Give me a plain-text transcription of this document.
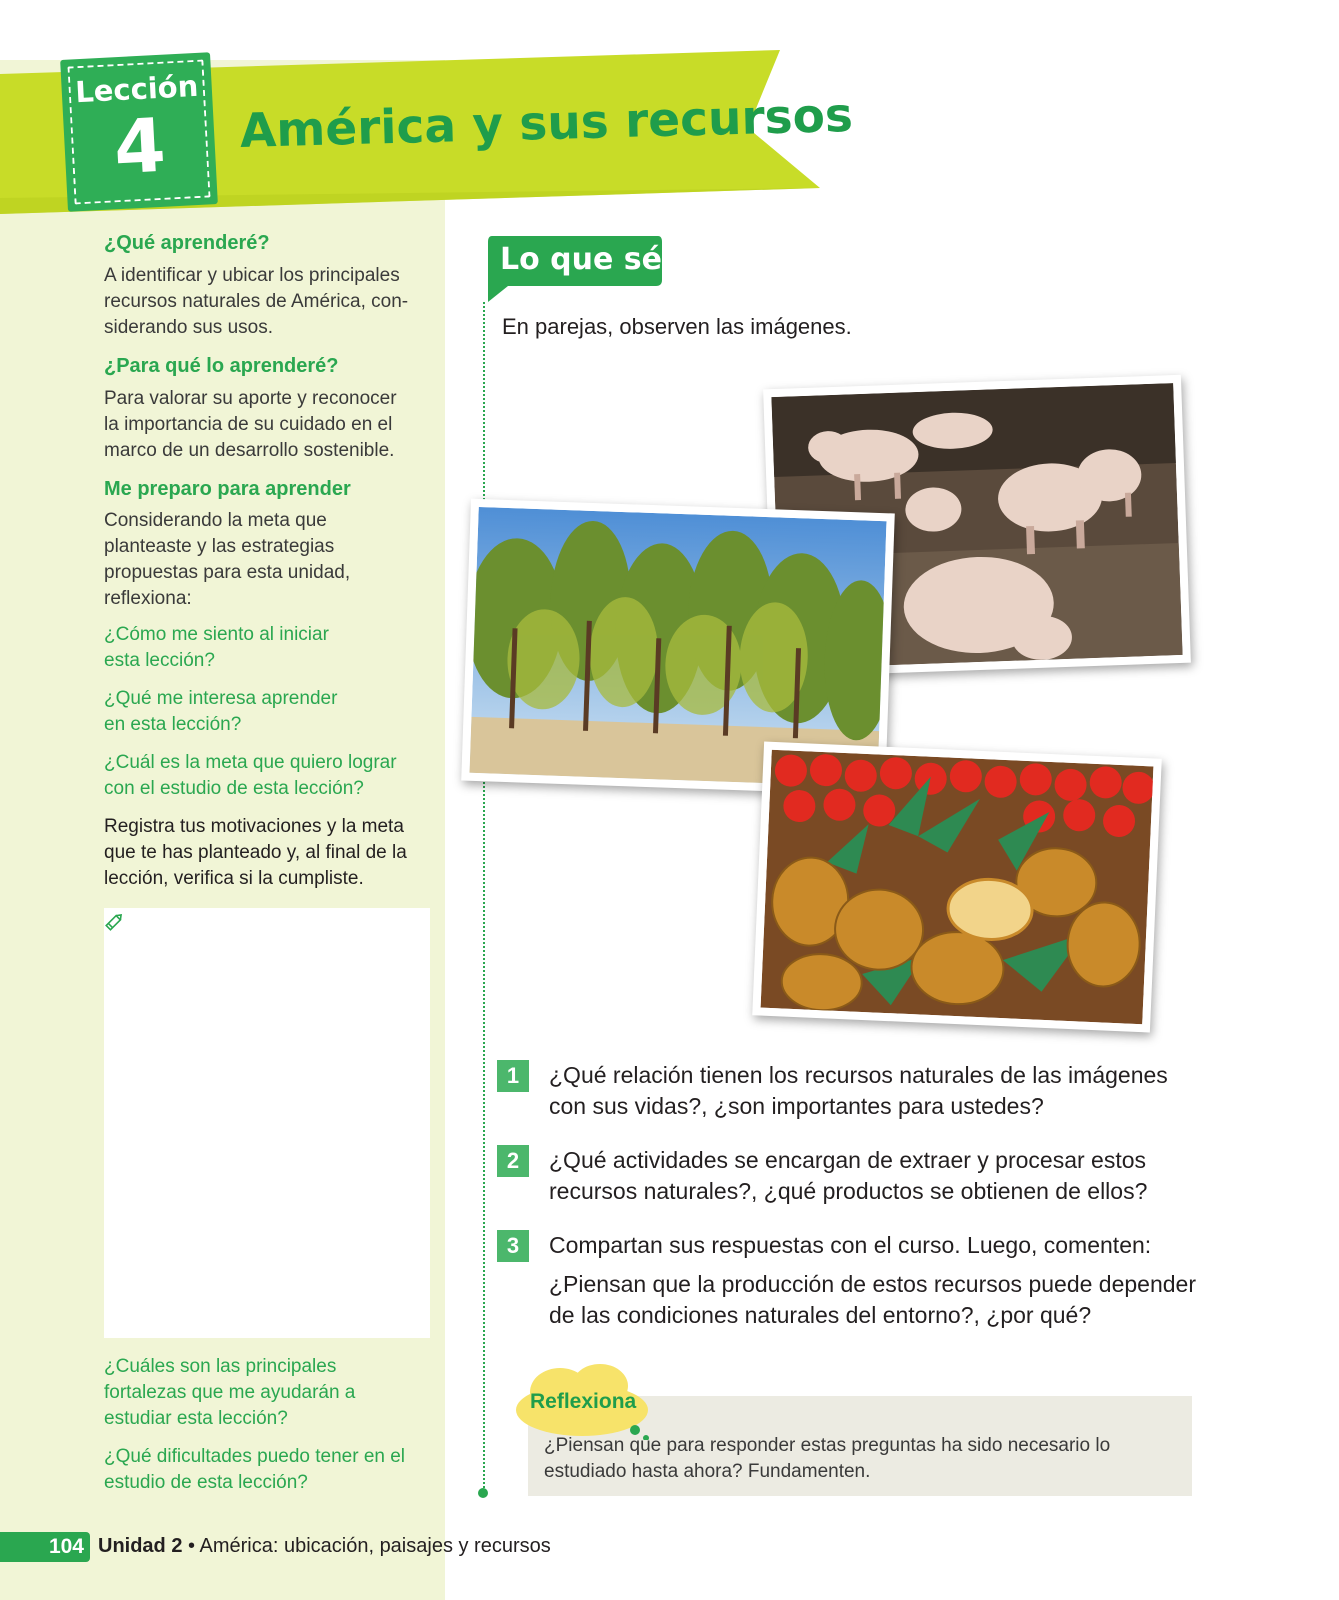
Lección
4	América y sus recursos
¿Qué aprenderé?
A identificar y ubicar los principales
recursos naturales de América, con-
siderando sus usos.
¿Para qué lo aprenderé?
Para valorar su aporte y reconocer
la importancia de su cuidado en el
marco de un desarrollo sostenible.
Me preparo para aprender
Considerando la meta que
planteaste y las estrategias
propuestas para esta unidad,
reflexiona:
¿Cómo me siento al iniciar
esta lección?
¿Qué me interesa aprender
en esta lección?
¿Cuál es la meta que quiero lograr
con el estudio de esta lección?
Registra tus motivaciones y la meta
que te has planteado y, al final de la
lección, verifica si la cumpliste.
¿Cuáles son las principales
fortalezas que me ayudarán a
estudiar esta lección?
¿Qué dificultades puedo tener en el
estudio de esta lección?
Lo que sé
En parejas, observen las imágenes.
1	¿Qué relación tienen los recursos naturales de las imágenes
con sus vidas?, ¿son importantes para ustedes?
2	¿Qué actividades se encargan de extraer y procesar estos
recursos naturales?, ¿qué productos se obtienen de ellos?
3	Compartan sus respuestas con el curso. Luego, comenten:
¿Piensan que la producción de estos recursos puede depender
de las condiciones naturales del entorno?, ¿por qué?
Reflexiona
¿Piensan que para responder estas preguntas ha sido necesario lo
estudiado hasta ahora? Fundamenten.
104 Unidad 2 • América: ubicación, paisajes y recursos
